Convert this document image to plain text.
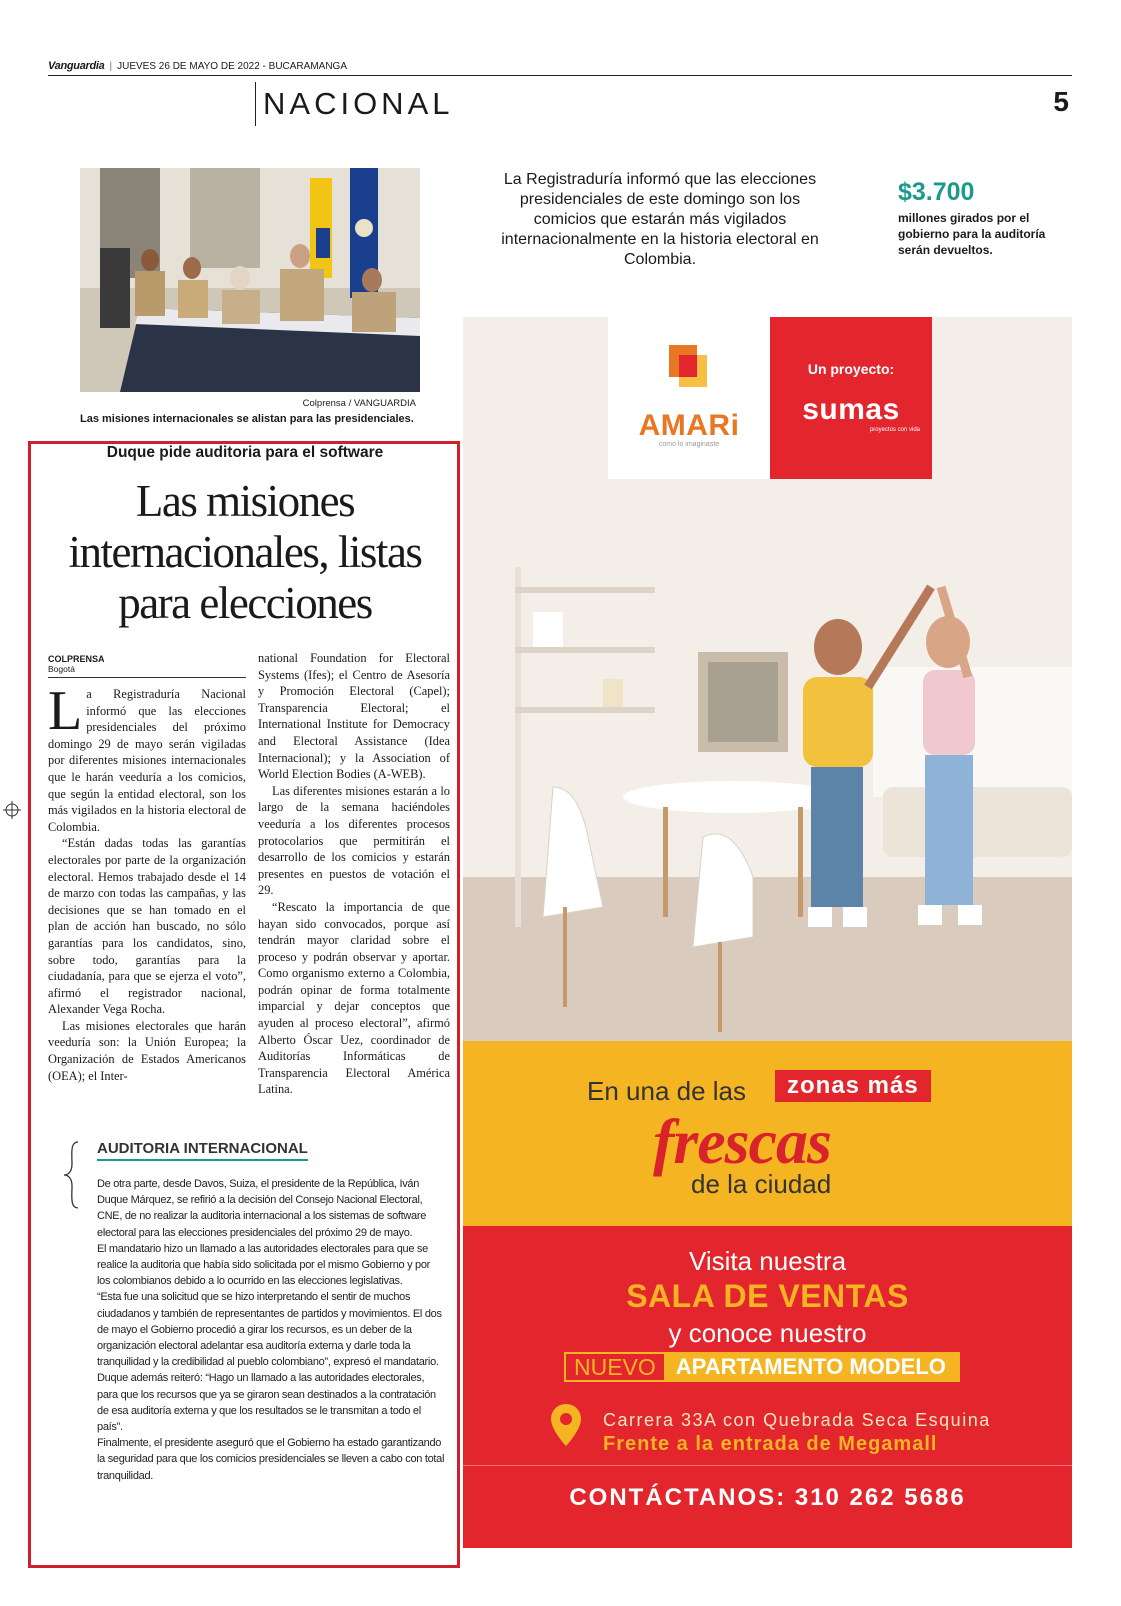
Vanguardia | JUEVES 26 DE MAYO DE 2022 - BUCARAMANGA
NACIONAL	5
Colprensa / VANGUARDIA
Las misiones internacionales se alistan para las presidenciales.
La Registraduría informó que las elecciones presidenciales de este domingo son los comicios que estarán más vigilados internacionalmente en la historia electoral en Colombia.
$3.700
millones girados por el gobierno para la auditoría serán devueltos.
Duque pide auditoria para el software
Las misiones internacionales, listas para elecciones
COLPRENSA
Bogotá

La Registraduría Nacional informó que las elecciones presidenciales del próximo domingo 29 de mayo serán vigiladas por diferentes misiones internacionales que le harán veeduría a los comicios, que según la entidad electoral, son los más vigilados en la historia electoral de Colombia.

“Están dadas todas las garantías electorales por parte de la organización electoral. Hemos trabajado desde el 14 de marzo con todas las campañas, y las decisiones que se han tomado en el plan de acción han buscado, no sólo garantías para los candidatos, sino, sobre todo, garantías para la ciudadanía, para que se ejerza el voto”, afirmó el registrador nacional, Alexander Vega Rocha.

Las misiones electorales que harán veeduría son: la Unión Europea; la Organización de Estados Americanos (OEA); el Inter-

national Foundation for Electoral Systems (Ifes); el Centro de Asesoría y Promoción Electoral (Capel); Transparencia Electoral; el International Institute for Democracy and Electoral Assistance (Idea Internacional); y la Association of World Election Bodies (A-WEB).

Las diferentes misiones estarán a lo largo de la semana haciéndoles veeduría a los diferentes procesos protocolarios que permitirán el desarrollo de los comicios y estarán presentes en puestos de votación el 29.

“Rescato la importancia de que hayan sido convocados, porque así tendrán mayor claridad sobre el proceso y podrán observar y aportar. Como organismo externo a Colombia, podrán opinar de forma totalmente imparcial y dejar conceptos que ayuden al proceso electoral”, afirmó Alberto Óscar Uez, coordinador de Auditorías Informáticas de Transparencia Electoral América Latina.

AUDITORIA INTERNACIONAL

De otra parte, desde Davos, Suiza, el presidente de la República, Iván Duque Márquez, se refirió a la decisión del Consejo Nacional Electoral, CNE, de no realizar la auditoria internacional a los sistemas de software electoral para las elecciones presidenciales del próximo 29 de mayo.

El mandatario hizo un llamado a las autoridades electorales para que se realice la auditoria que había sido solicitada por el mismo Gobierno y por los colombianos debido a lo ocurrido en las elecciones legislativas.

“Esta fue una solicitud que se hizo interpretando el sentir de muchos ciudadanos y también de representantes de partidos y movimientos. El dos de mayo el Gobierno procedió a girar los recursos, es un deber de la organización electoral adelantar esa auditoría externa y darle toda la tranquilidad y la credibilidad al pueblo colombiano”, expresó el mandatario.

Duque además reiteró: “Hago un llamado a las autoridades electorales, para que los recursos que ya se giraron sean destinados a la contratación de esa auditoría externa y que los resultados se le transmitan a todo el país”.

Finalmente, el presidente aseguró que el Gobierno ha estado garantizando la seguridad para que los comicios presidenciales se lleven a cabo con total tranquilidad.

AMARi
como lo imaginaste
Un proyecto:
sumas
proyectos con vida
En una de las	zonas más
frescas
de la ciudad
Visita nuestra
SALA DE VENTAS
y conoce nuestro
NUEVO APARTAMENTO MODELO
Carrera 33A con Quebrada Seca Esquina
Frente a la entrada de Megamall
CONTÁCTANOS: 310 262 5686
